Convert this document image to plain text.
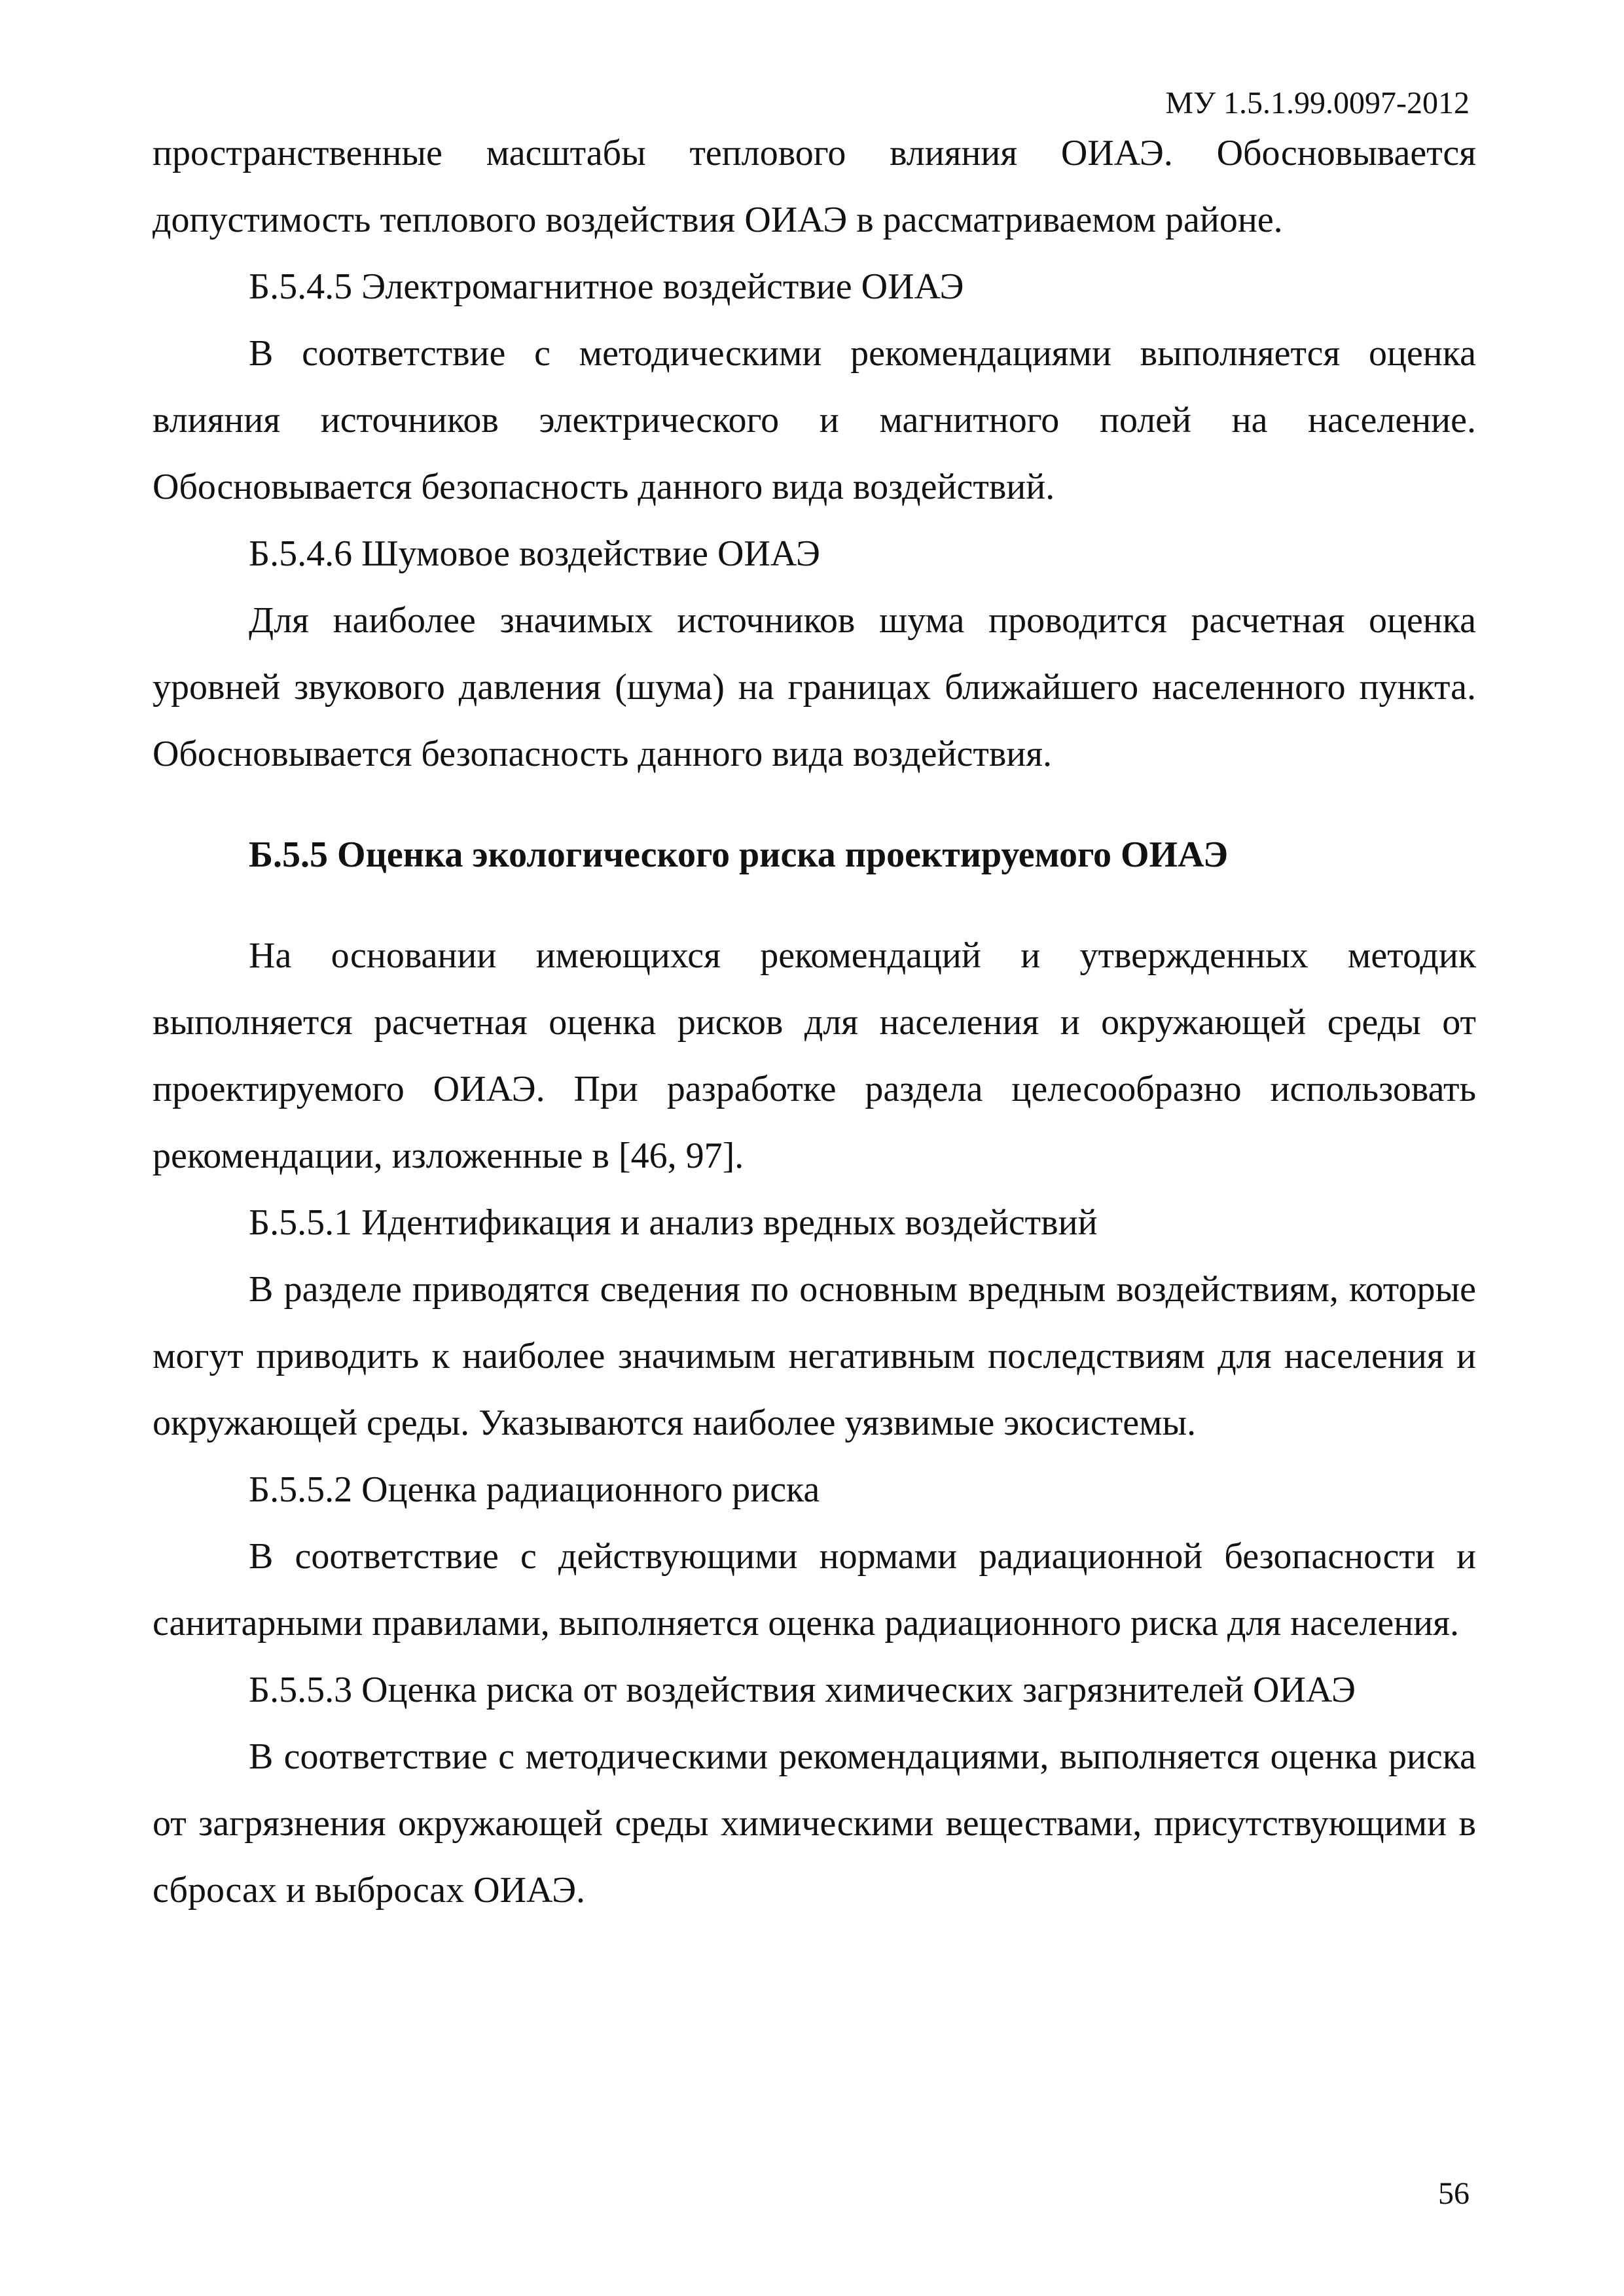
МУ 1.5.1.99.0097-2012

пространственные масштабы теплового влияния ОИАЭ. Обосновывается допустимость теплового воздействия ОИАЭ в рассматриваемом районе.

Б.5.4.5 Электромагнитное воздействие ОИАЭ

В соответствие с методическими рекомендациями выполняется оценка влияния источников электрического и магнитного полей на население. Обосновывается безопасность данного вида воздействий.

Б.5.4.6 Шумовое воздействие ОИАЭ

Для наиболее значимых источников шума проводится расчетная оценка уровней звукового давления (шума) на границах ближайшего населенного пункта. Обосновывается безопасность данного вида воздействия.

Б.5.5 Оценка экологического риска проектируемого ОИАЭ

На основании имеющихся рекомендаций и утвержденных методик выполняется расчетная оценка рисков для населения и окружающей среды от проектируемого ОИАЭ. При разработке раздела целесообразно использовать рекомендации, изложенные в [46, 97].

Б.5.5.1 Идентификация и анализ вредных воздействий

В разделе приводятся сведения по основным вредным воздействиям, которые могут приводить к наиболее значимым негативным последствиям для населения и окружающей среды. Указываются наиболее уязвимые экосистемы.

Б.5.5.2 Оценка радиационного риска

В соответствие с действующими нормами радиационной безопасности и санитарными правилами, выполняется оценка радиационного риска для населения.

Б.5.5.3 Оценка риска от воздействия химических загрязнителей ОИАЭ

В соответствие с методическими рекомендациями, выполняется оценка риска от загрязнения окружающей среды химическими веществами, присутствующими в сбросах и выбросах ОИАЭ.

56
